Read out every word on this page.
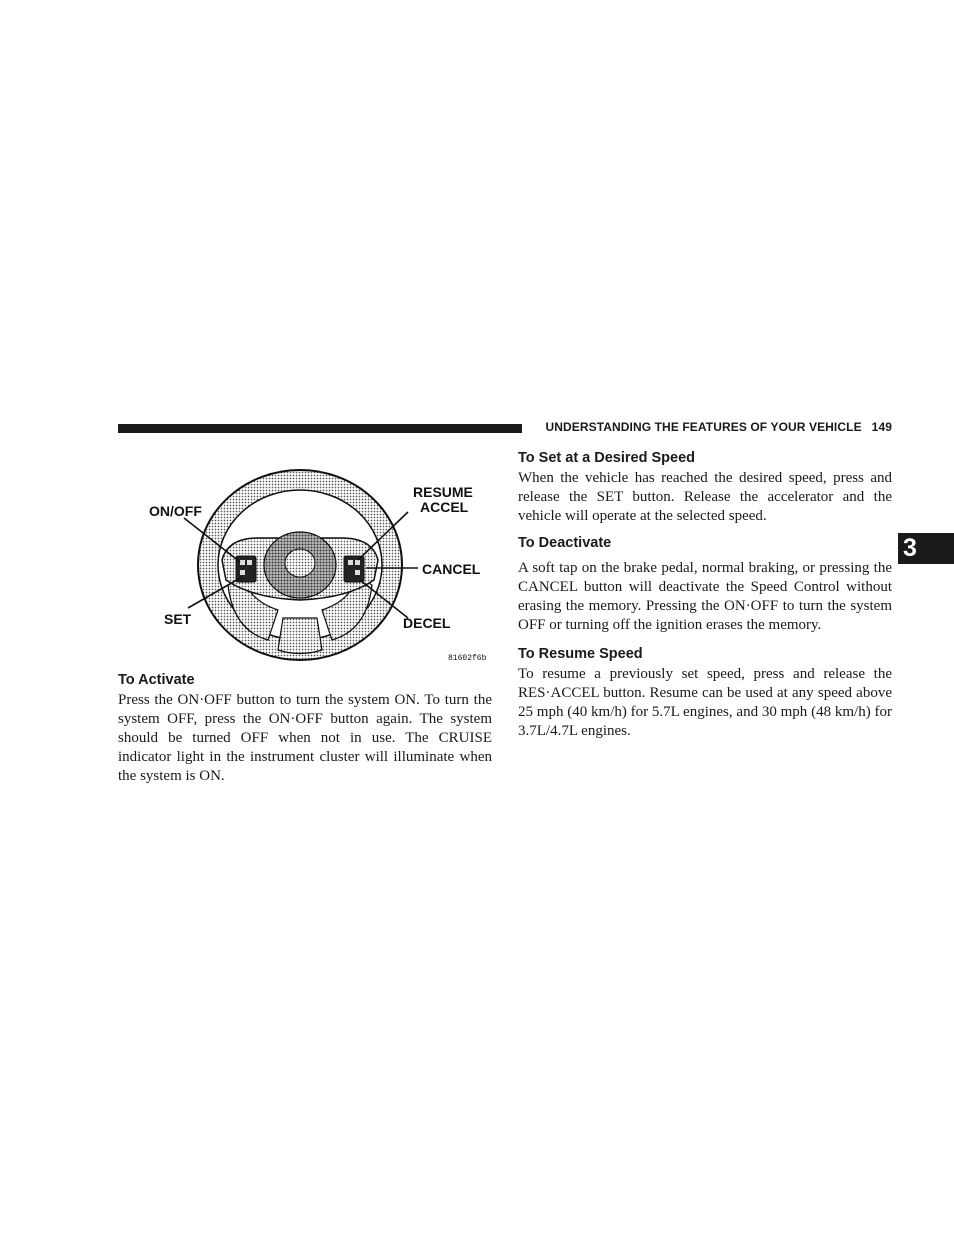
UNDERSTANDING THE FEATURES OF YOUR VEHICLE 149
3
ON/OFF
RESUME
ACCEL
CANCEL
SET	DECEL
81602f6b
To Activate

Press the ON·OFF button to turn the system ON. To turn the system OFF, press the ON·OFF button again. The system should be turned OFF when not in use. The CRUISE indicator light in the instrument cluster will illuminate when the system is ON.

To Set at a Desired Speed

When the vehicle has reached the desired speed, press and release the SET button. Release the accelerator and the vehicle will operate at the selected speed.

To Deactivate

A soft tap on the brake pedal, normal braking, or pressing the CANCEL button will deactivate the Speed Control without erasing the memory. Pressing the ON·OFF to turn the system OFF or turning off the ignition erases the memory.

To Resume Speed

To resume a previously set speed, press and release the RES·ACCEL button. Resume can be used at any speed above 25 mph (40 km/h) for 5.7L engines, and 30 mph (48 km/h) for 3.7L/4.7L engines.
